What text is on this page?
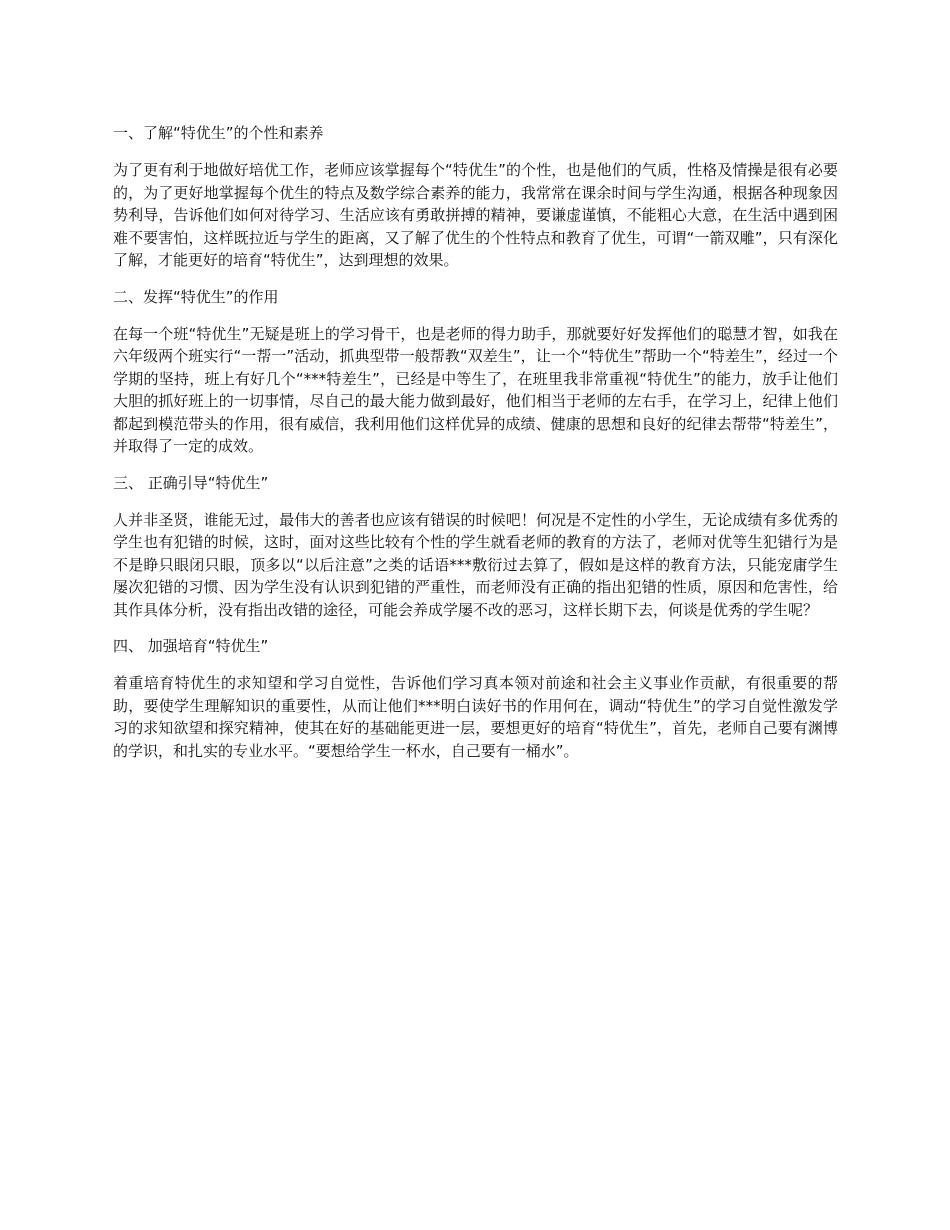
一、了解“特优生”的个性和素养
为了更有利于地做好培优工作，老师应该掌握每个“特优生”的个性，也是他们的气质，性格及情操是很有必要的，为了更好地掌握每个优生的特点及数学综合素养的能力，我常常在课余时间与学生沟通，根据各种现象因势利导，告诉他们如何对待学习、生活应该有勇敢拼搏的精神，要谦虚谨慎，不能粗心大意，在生活中遇到困难不要害怕，这样既拉近与学生的距离，又了解了优生的个性特点和教育了优生，可谓“一箭双雕”，只有深化了解，才能更好的培育“特优生”，达到理想的效果。
二、发挥“特优生”的作用
在每一个班“特优生”无疑是班上的学习骨干，也是老师的得力助手，那就要好好发挥他们的聪慧才智，如我在六年级两个班实行“一帮一”活动，抓典型带一般帮教“双差生”，让一个“特优生”帮助一个“特差生”，经过一个学期的坚持，班上有好几个“***特差生”，已经是中等生了，在班里我非常重视“特优生”的能力，放手让他们大胆的抓好班上的一切事情，尽自己的最大能力做到最好，他们相当于老师的左右手，在学习上，纪律上他们都起到模范带头的作用，很有威信，我利用他们这样优异的成绩、健康的思想和良好的纪律去帮带“特差生”，并取得了一定的成效。
三、 正确引导“特优生”
人并非圣贤，谁能无过，最伟大的善者也应该有错误的时候吧！何况是不定性的小学生，无论成绩有多优秀的学生也有犯错的时候，这时，面对这些比较有个性的学生就看老师的教育的方法了，老师对优等生犯错行为是不是睁只眼闭只眼，顶多以“以后注意”之类的话语***敷衍过去算了，假如是这样的教育方法，只能宠庸学生屡次犯错的习惯、因为学生没有认识到犯错的严重性，而老师没有正确的指出犯错的性质，原因和危害性，给其作具体分析，没有指出改错的途径，可能会养成学屡不改的恶习，这样长期下去，何谈是优秀的学生呢？
四、 加强培育“特优生”
着重培育特优生的求知望和学习自觉性，告诉他们学习真本领对前途和社会主义事业作贡献，有很重要的帮助，要使学生理解知识的重要性，从而让他们***明白读好书的作用何在，调动“特优生”的学习自觉性激发学习的求知欲望和探究精神，使其在好的基础能更进一层，要想更好的培育“特优生”，首先，老师自己要有渊博的学识，和扎实的专业水平。“要想给学生一杯水，自己要有一桶水”。
